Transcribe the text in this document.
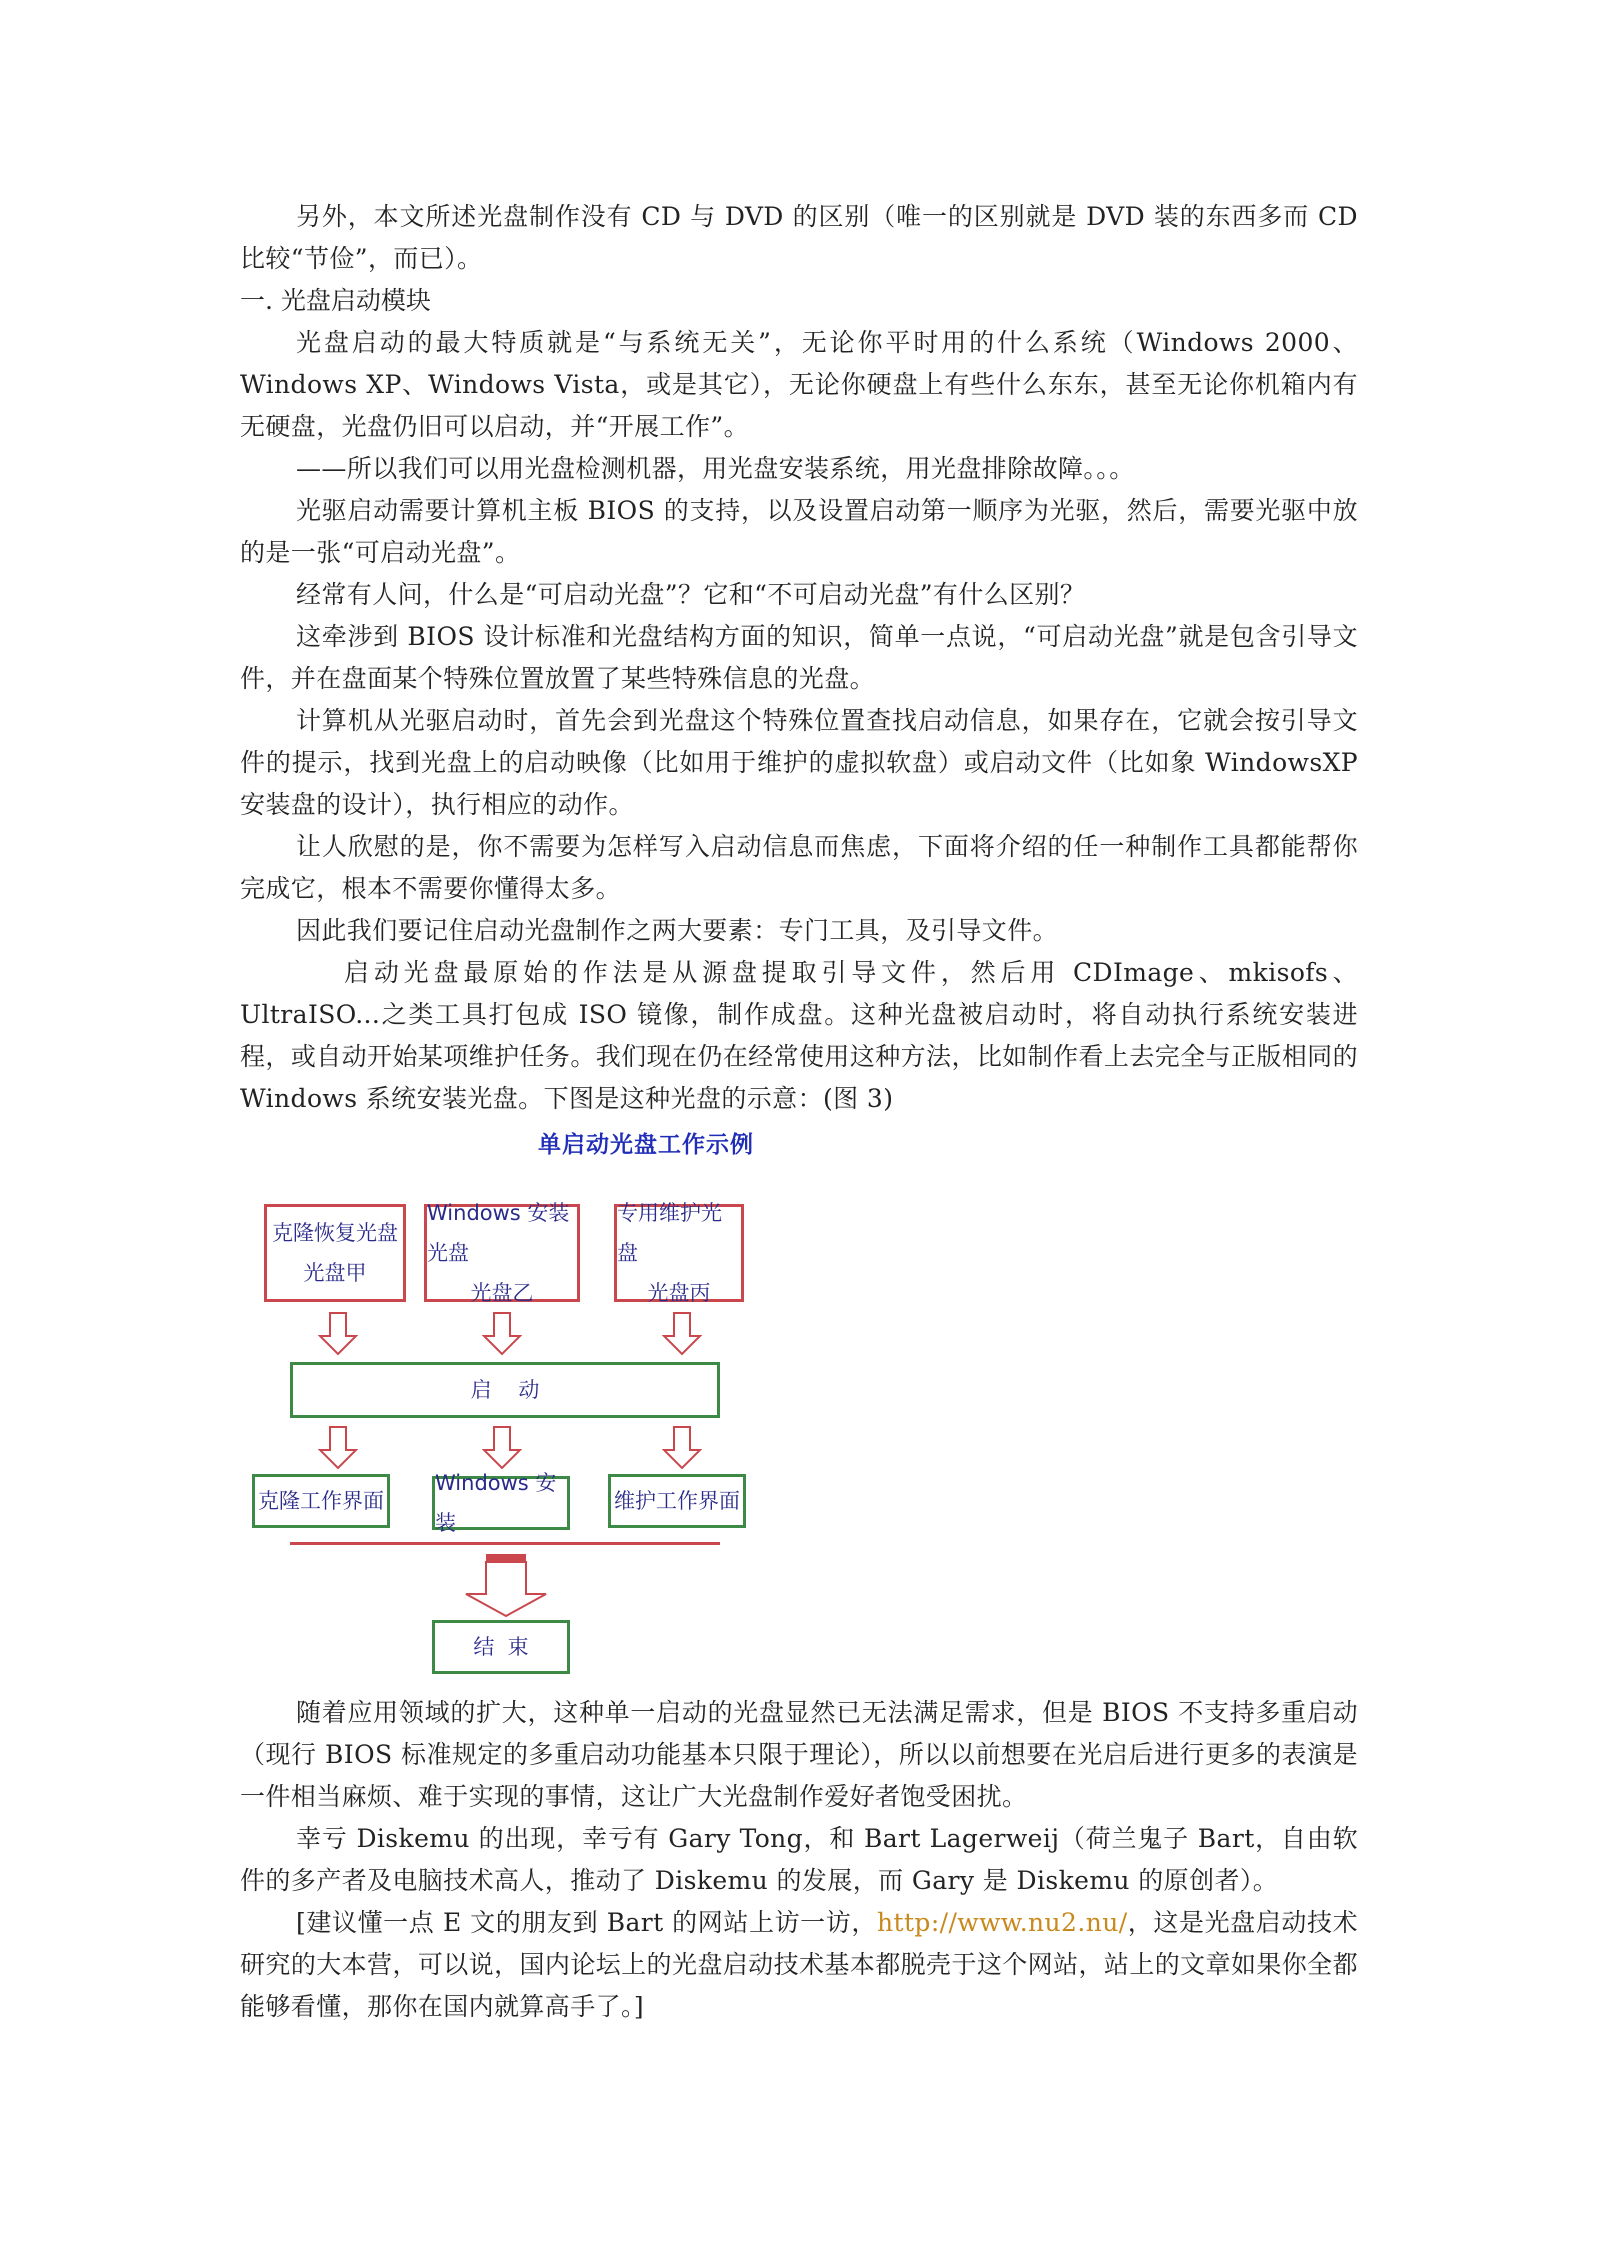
另外，本文所述光盘制作没有 CD 与 DVD 的区别（唯一的区别就是 DVD 装的东西多而 CD 比较“节俭”，而已）。

一. 光盘启动模块

光盘启动的最大特质就是“与系统无关”，无论你平时用的什么系统（Windows 2000、Windows XP、Windows Vista，或是其它），无论你硬盘上有些什么东东，甚至无论你机箱内有无硬盘，光盘仍旧可以启动，并“开展工作”。

——所以我们可以用光盘检测机器，用光盘安装系统，用光盘排除故障。。。

光驱启动需要计算机主板 BIOS 的支持，以及设置启动第一顺序为光驱，然后，需要光驱中放的是一张“可启动光盘”。

经常有人问，什么是“可启动光盘”？它和“不可启动光盘”有什么区别？

这牵涉到 BIOS 设计标准和光盘结构方面的知识，简单一点说，“可启动光盘”就是包含引导文件，并在盘面某个特殊位置放置了某些特殊信息的光盘。

计算机从光驱启动时，首先会到光盘这个特殊位置查找启动信息，如果存在，它就会按引导文件的提示，找到光盘上的启动映像（比如用于维护的虚拟软盘）或启动文件（比如象 WindowsXP 安装盘的设计），执行相应的动作。

让人欣慰的是，你不需要为怎样写入启动信息而焦虑，下面将介绍的任一种制作工具都能帮你完成它，根本不需要你懂得太多。

因此我们要记住启动光盘制作之两大要素：专门工具，及引导文件。

启动光盘最原始的作法是从源盘提取引导文件，然后用 CDImage、mkisofs、UltraISO...之类工具打包成 ISO 镜像，制作成盘。这种光盘被启动时，将自动执行系统安装进程，或自动开始某项维护任务。我们现在仍在经常使用这种方法，比如制作看上去完全与正版相同的 Windows 系统安装光盘。下图是这种光盘的示意：(图 3)

单启动光盘工作示例
克隆恢复光盘
光盘甲
Windows 安装光盘
光盘乙
专用维护光盘
光盘丙
启    动
克隆工作界面
Windows 安装
维护工作界面
结  束

随着应用领域的扩大，这种单一启动的光盘显然已无法满足需求，但是 BIOS 不支持多重启动（现行 BIOS 标准规定的多重启动功能基本只限于理论），所以以前想要在光启后进行更多的表演是一件相当麻烦、难于实现的事情，这让广大光盘制作爱好者饱受困扰。

幸亏 Diskemu 的出现，幸亏有 Gary Tong，和 Bart Lagerweij（荷兰鬼子 Bart，自由软件的多产者及电脑技术高人，推动了 Diskemu 的发展，而 Gary 是 Diskemu 的原创者）。

[建议懂一点 E 文的朋友到 Bart 的网站上访一访，http://www.nu2.nu/，这是光盘启动技术研究的大本营，可以说，国内论坛上的光盘启动技术基本都脱壳于这个网站，站上的文章如果你全都能够看懂，那你在国内就算高手了。]
